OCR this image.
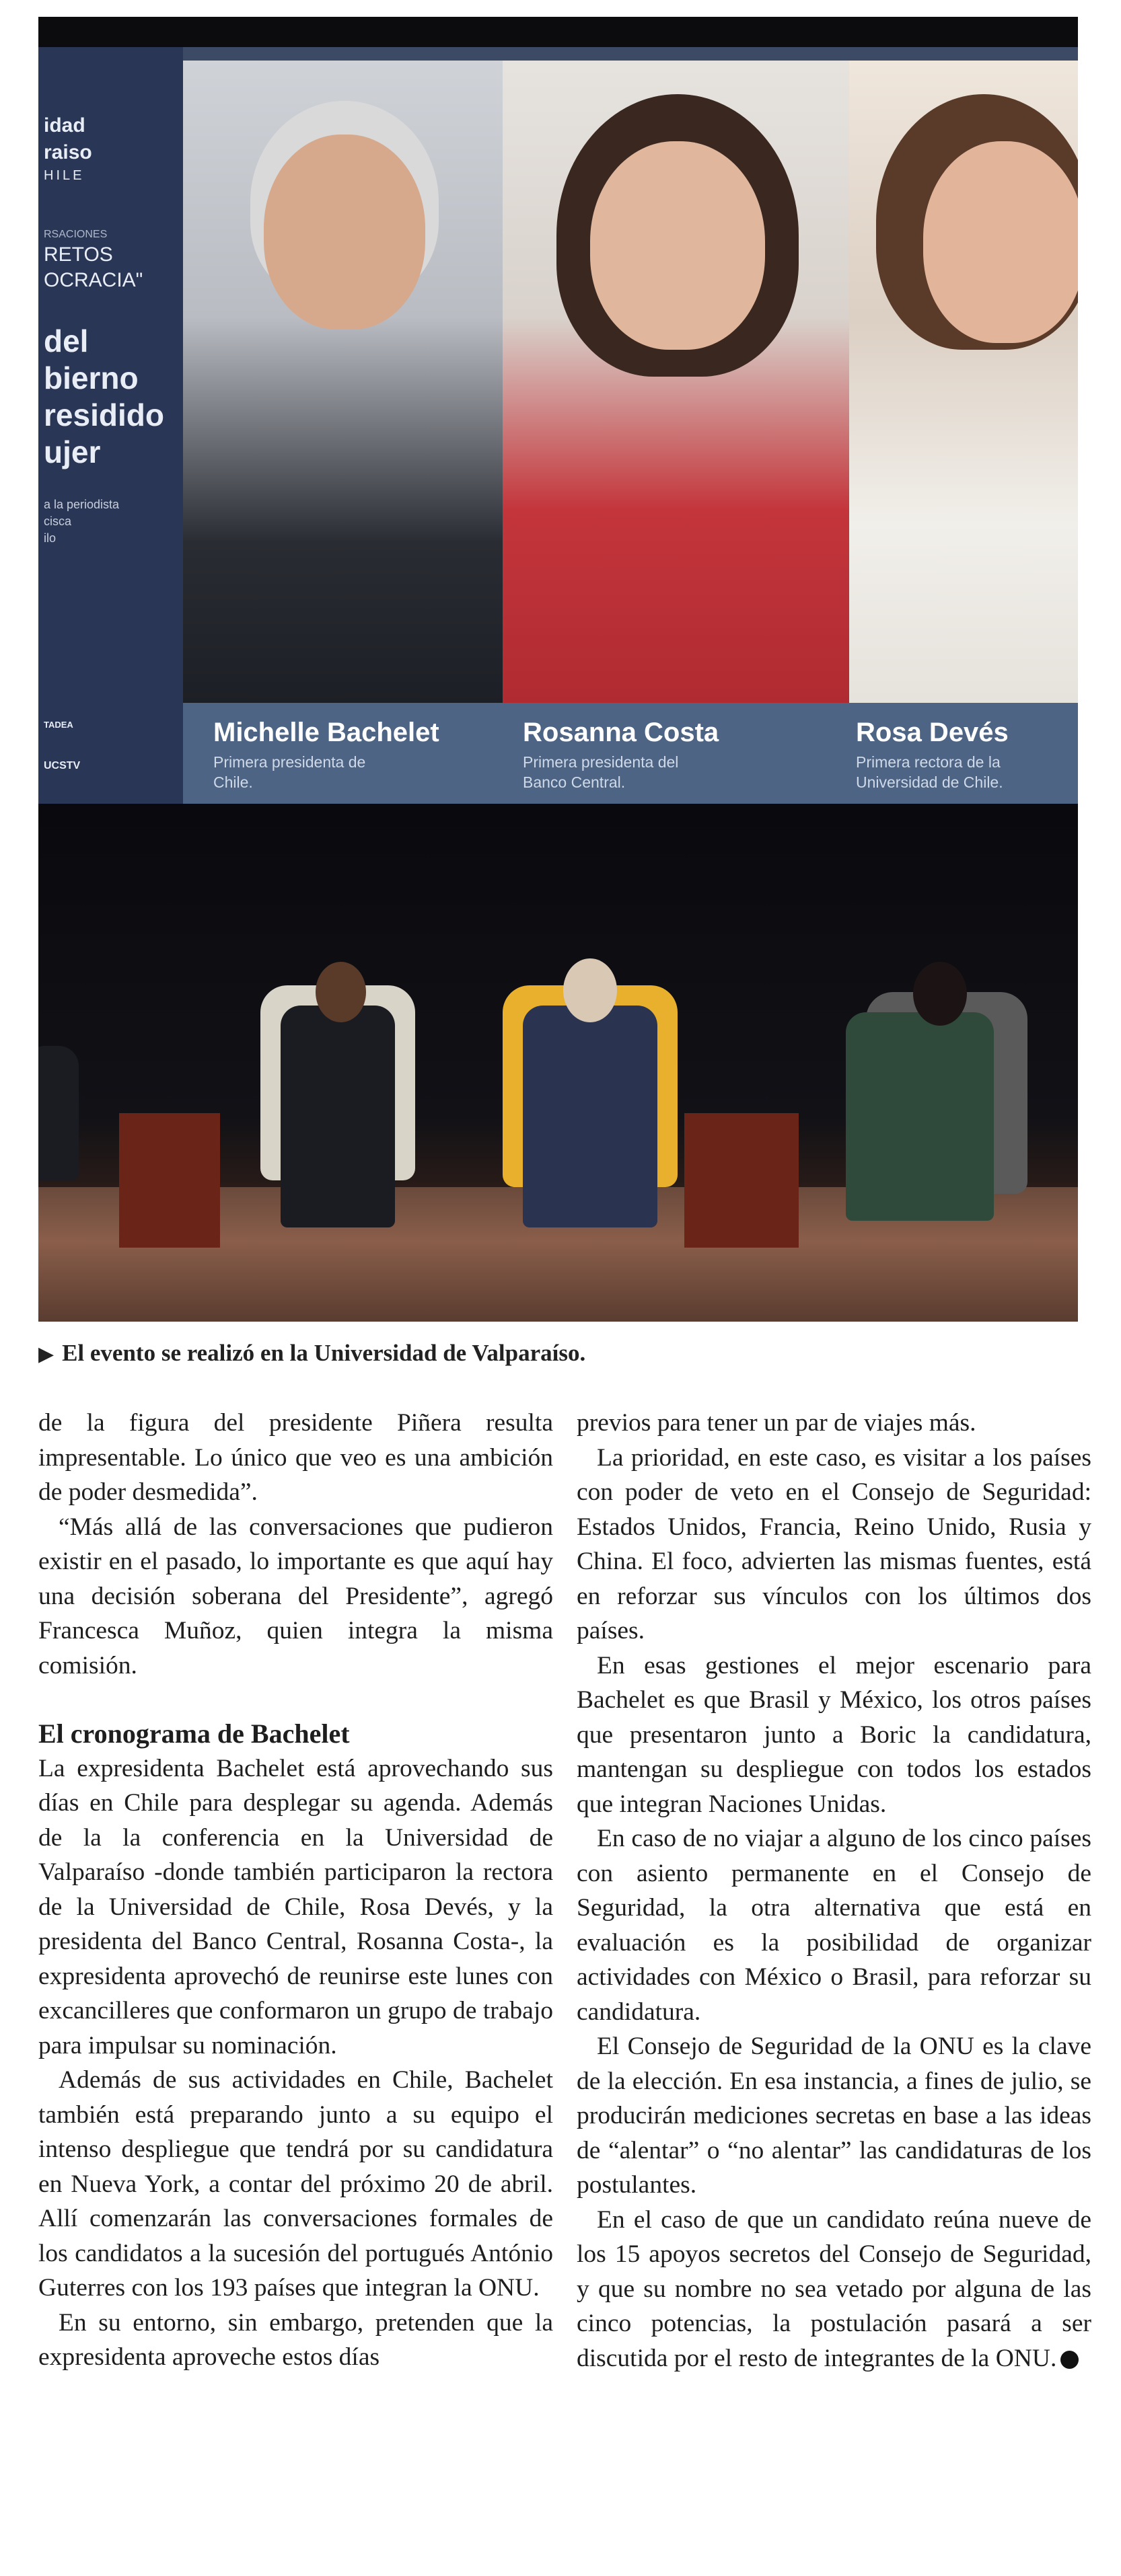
idad
raiso
HILE
RSACIONES
RETOS
OCRACIA"
del
bierno
residido
ujer
a la periodista
cisca
ilo
TADEA
UCSTV
Michelle Bachelet
Primera presidenta de Chile.
Rosanna Costa
Primera presidenta del Banco Central.
Rosa Devés
Primera rectora de la Universidad de Chile.
▶ El evento se realizó en la Universidad de Valparaíso.

de la figura del presidente Piñera resulta impresentable. Lo único que veo es una ambición de poder desmedida”.

“Más allá de las conversaciones que pudieron existir en el pasado, lo importante es que aquí hay una decisión soberana del Presidente”, agregó Francesca Muñoz, quien integra la misma comisión.

El cronograma de Bachelet

La expresidenta Bachelet está aprovechando sus días en Chile para desplegar su agenda. Además de la la conferencia en la Universidad de Valparaíso -donde también participaron la rectora de la Universidad de Chile, Rosa Devés, y la presidenta del Banco Central, Rosanna Costa-, la expresidenta aprovechó de reunirse este lunes con excancilleres que conformaron un grupo de trabajo para impulsar su nominación.

Además de sus actividades en Chile, Bachelet también está preparando junto a su equipo el intenso despliegue que tendrá por su candidatura en Nueva York, a contar del próximo 20 de abril. Allí comenzarán las conversaciones formales de los candidatos a la sucesión del portugués António Guterres con los 193 países que integran la ONU.

En su entorno, sin embargo, pretenden que la expresidenta aproveche estos días

previos para tener un par de viajes más.

La prioridad, en este caso, es visitar a los países con poder de veto en el Consejo de Seguridad: Estados Unidos, Francia, Reino Unido, Rusia y China. El foco, advierten las mismas fuentes, está en reforzar sus vínculos con los últimos dos países.

En esas gestiones el mejor escenario para Bachelet es que Brasil y México, los otros países que presentaron junto a Boric la candidatura, mantengan su despliegue con todos los estados que integran Naciones Unidas.

En caso de no viajar a alguno de los cinco países con asiento permanente en el Consejo de Seguridad, la otra alternativa que está en evaluación es la posibilidad de organizar actividades con México o Brasil, para reforzar su candidatura.

El Consejo de Seguridad de la ONU es la clave de la elección. En esa instancia, a fines de julio, se producirán mediciones secretas en base a las ideas de “alentar” o “no alentar” las candidaturas de los postulantes.

En el caso de que un candidato reúna nueve de los 15 apoyos secretos del Consejo de Seguridad, y que su nombre no sea vetado por alguna de las cinco potencias, la postulación pasará a ser discutida por el resto de integrantes de la ONU.
